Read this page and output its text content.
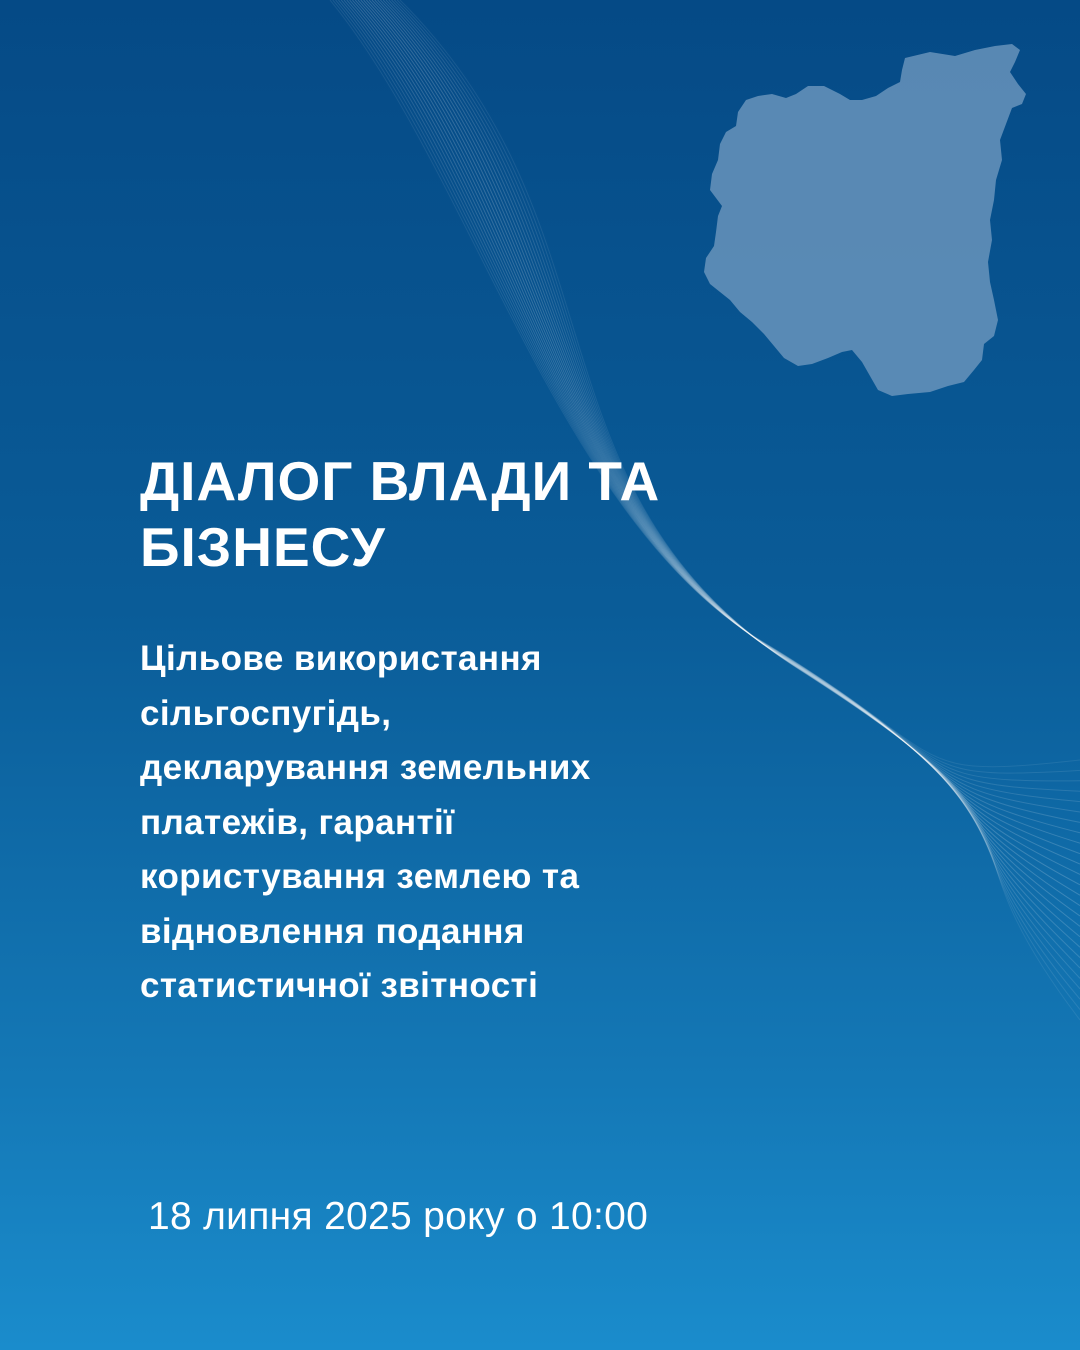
ДІАЛОГ ВЛАДИ ТА
БІЗНЕСУ

Цільове використання
сільгоспугідь,
декларування земельних
платежів, гарантії
користування землею та
відновлення подання
статистичної звітності

18 липня 2025 року о 10:00
